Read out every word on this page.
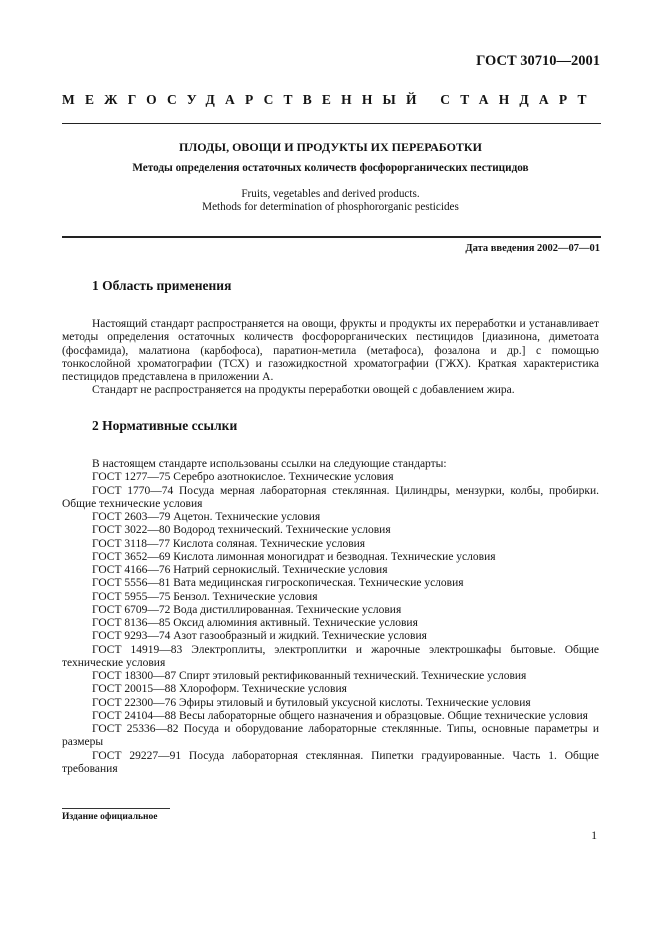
ГОСТ 30710—2001
МЕЖГОСУДАРСТВЕННЫЙ СТАНДАРТ
ПЛОДЫ, ОВОЩИ И ПРОДУКТЫ ИХ ПЕРЕРАБОТКИ
Методы определения остаточных количеств фосфорорганических пестицидов
Fruits, vegetables and derived products.
Methods for determination of phosphororganic pesticides
Дата введения 2002—07—01
1 Область применения

Настоящий стандарт распространяется на овощи, фрукты и продукты их переработки и устанавливает методы определения остаточных количеств фосфорорганических пестицидов [диазинона, диметоата (фосфамида), малатиона (карбофоса), паратион-метила (метафоса), фозалона и др.] с помощью тонкослойной хроматографии (ТСХ) и газожидкостной хроматографии (ГЖХ). Краткая характеристика пестицидов представлена в приложении А.

Стандарт не распространяется на продукты переработки овощей с добавлением жира.

2 Нормативные ссылки
В настоящем стандарте использованы ссылки на следующие стандарты:
ГОСТ 1277—75 Серебро азотнокислое. Технические условия
ГОСТ 1770—74 Посуда мерная лабораторная стеклянная. Цилиндры, мензурки, колбы, пробирки. Общие технические условия
ГОСТ 2603—79 Ацетон. Технические условия
ГОСТ 3022—80 Водород технический. Технические условия
ГОСТ 3118—77 Кислота соляная. Технические условия
ГОСТ 3652—69 Кислота лимонная моногидрат и безводная. Технические условия
ГОСТ 4166—76 Натрий сернокислый. Технические условия
ГОСТ 5556—81 Вата медицинская гигроскопическая. Технические условия
ГОСТ 5955—75 Бензол. Технические условия
ГОСТ 6709—72 Вода дистиллированная. Технические условия
ГОСТ 8136—85 Оксид алюминия активный. Технические условия
ГОСТ 9293—74 Азот газообразный и жидкий. Технические условия
ГОСТ 14919—83 Электроплиты, электроплитки и жарочные электрошкафы бытовые. Общие технические условия
ГОСТ 18300—87 Спирт этиловый ректификованный технический. Технические условия
ГОСТ 20015—88 Хлороформ. Технические условия
ГОСТ 22300—76 Эфиры этиловый и бутиловый уксусной кислоты. Технические условия
ГОСТ 24104—88 Весы лабораторные общего назначения и образцовые. Общие технические условия
ГОСТ 25336—82 Посуда и оборудование лабораторные стеклянные. Типы, основные параметры и размеры
ГОСТ 29227—91 Посуда лабораторная стеклянная. Пипетки градуированные. Часть 1. Общие требования
Издание официальное
1
